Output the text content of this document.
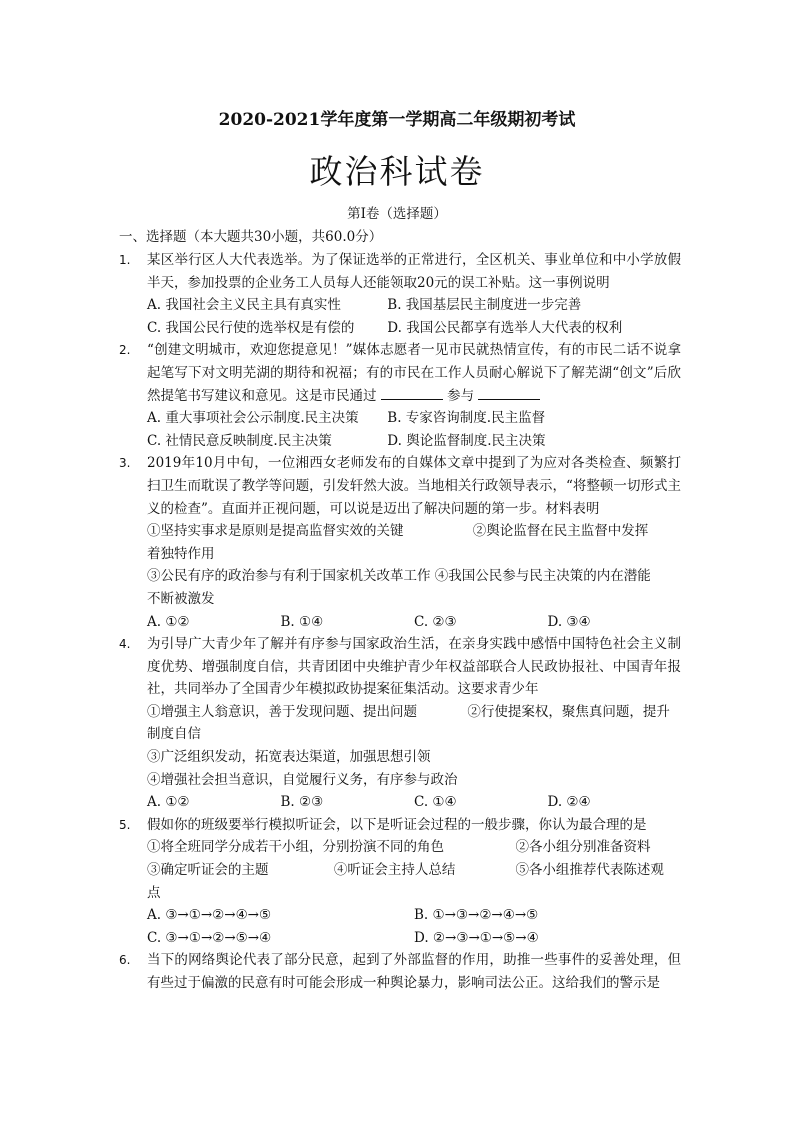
2020-2021学年度第一学期高二年级期初考试
政治科试卷
第Ⅰ卷（选择题）
一、选择题（本大题共30小题，共60.0分）
1. 某区举行区人大代表选举。为了保证选举的正常进行，全区机关、事业单位和中小学放假半天，参加投票的企业务工人员每人还能领取20元的误工补贴。这一事例说明
A. 我国社会主义民主具有真实性	B. 我国基层民主制度进一步完善
C. 我国公民行使的选举权是有偿的	D. 我国公民都享有选举人大代表的权利
2. “创建文明城市，欢迎您提意见！”媒体志愿者一见市民就热情宣传，有的市民二话不说拿起笔写下对文明芜湖的期待和祝福；有的市民在工作人员耐心解说下了解芜湖“创文”后欣然提笔书写建议和意见。这是市民通过	参与
A. 重大事项社会公示制度.民主决策	B. 专家咨询制度.民主监督
C. 社情民意反映制度.民主决策	D. 舆论监督制度.民主决策
3. 2019年10月中旬，一位湘西女老师发布的自媒体文章中提到了为应对各类检查、频繁打扫卫生而耽误了教学等问题，引发轩然大波。当地相关行政领导表示，“将整顿一切形式主义的检查”。直面并正视问题，可以说是迈出了解决问题的第一步。材料表明
①坚持实事求是原则是提高监督实效的关键	②舆论监督在民主监督中发挥
着独特作用
③公民有序的政治参与有利于国家机关改革工作 ④我国公民参与民主决策的内在潜能
不断被激发
A. ①②	B. ①④	C. ②③	D. ③④
4. 为引导广大青少年了解并有序参与国家政治生活，在亲身实践中感悟中国特色社会主义制度优势、增强制度自信，共青团团中央维护青少年权益部联合人民政协报社、中国青年报社，共同举办了全国青少年模拟政协提案征集活动。这要求青少年
①增强主人翁意识，善于发现问题、提出问题	②行使提案权，聚焦真问题，提升
制度自信
③广泛组织发动，拓宽表达渠道，加强思想引领
④增强社会担当意识，自觉履行义务，有序参与政治
A. ①②	B. ②③	C. ①④	D. ②④
5. 假如你的班级要举行模拟听证会，以下是听证会过程的一般步骤，你认为最合理的是
①将全班同学分成若干小组，分别扮演不同的角色	②各小组分别准备资料
③确定听证会的主题	④听证会主持人总结	⑤各小组推荐代表陈述观
点
A. ③→①→②→④→⑤	B. ①→③→②→④→⑤
C. ③→①→②→⑤→④	D. ②→③→①→⑤→④
6. 当下的网络舆论代表了部分民意，起到了外部监督的作用，助推一些事件的妥善处理，但有些过于偏激的民意有时可能会形成一种舆论暴力，影响司法公正。这给我们的警示是
